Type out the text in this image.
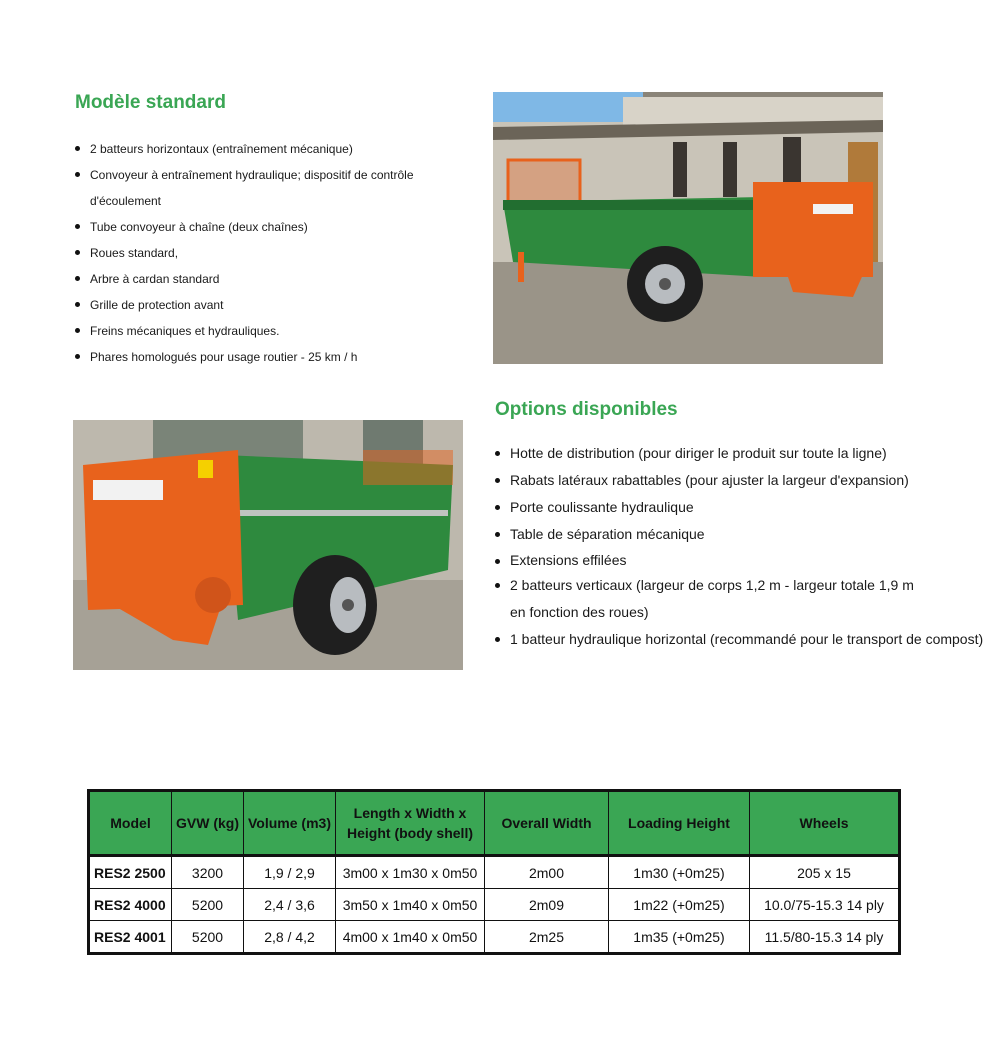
Modèle standard
2 batteurs horizontaux (entraînement mécanique)
Convoyeur à entraînement hydraulique; dispositif de contrôle d'écoulement
Tube convoyeur à chaîne (deux chaînes)
Roues standard,
Arbre à cardan standard
Grille de protection avant
Freins mécaniques et hydrauliques.
Phares homologués pour usage routier - 25 km / h
Options disponibles
Hotte de distribution (pour diriger le produit sur toute la ligne)
Rabats latéraux rabattables (pour ajuster la largeur d'expansion)
Porte coulissante hydraulique
Table de séparation mécanique
Extensions effilées
2 batteurs verticaux (largeur de corps 1,2 m - largeur totale 1,9 m en fonction des roues)
1 batteur hydraulique horizontal (recommandé pour le transport de compost)
Model	GVW (kg)	Volume (m3)	Length x Width x Height (body shell)	Overall Width	Loading Height	Wheels
RES2 2500	3200	1,9 / 2,9	3m00 x 1m30 x 0m50	2m00	1m30 (+0m25)	205 x 15
RES2 4000	5200	2,4 / 3,6	3m50 x 1m40 x 0m50	2m09	1m22 (+0m25)	10.0/75-15.3 14 ply
RES2 4001	5200	2,8 / 4,2	4m00 x 1m40 x 0m50	2m25	1m35 (+0m25)	11.5/80-15.3 14 ply
